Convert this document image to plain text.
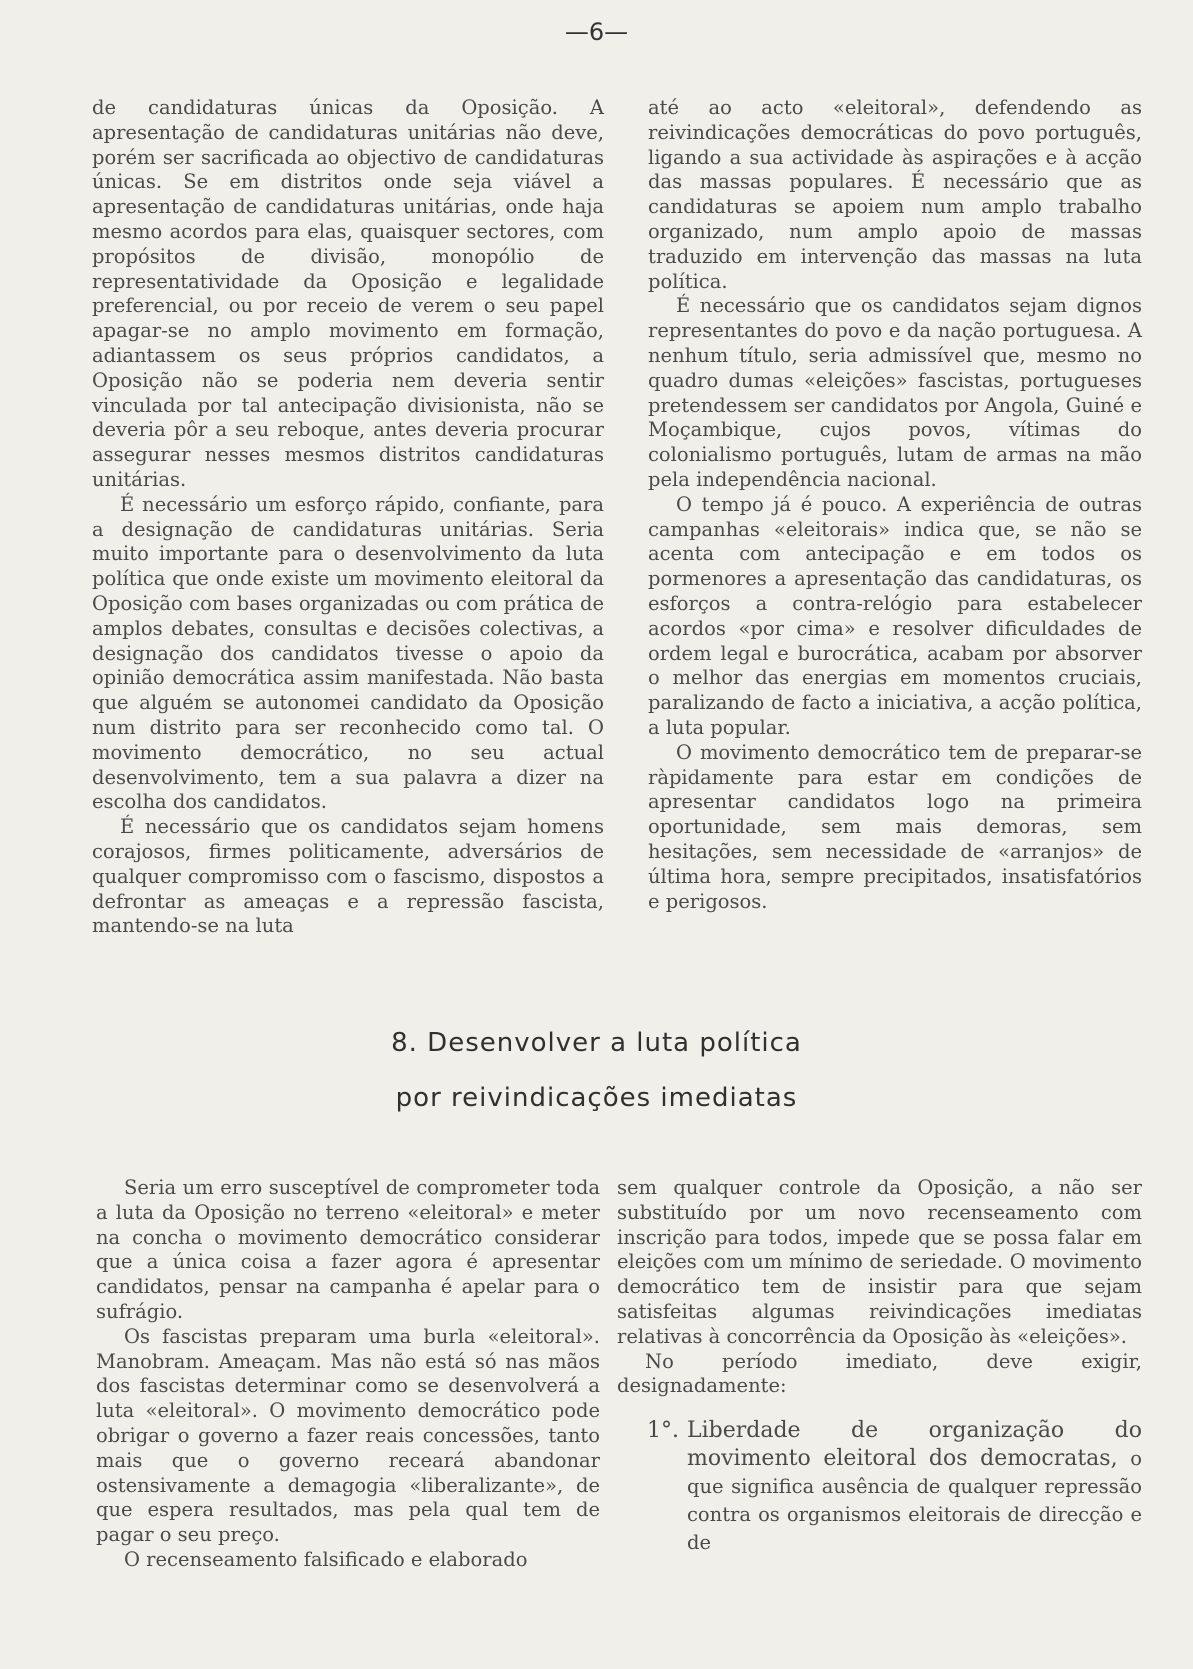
—6—

de candidaturas únicas da Oposição. A apresentação de candidaturas unitárias não deve, porém ser sacrificada ao objectivo de candidaturas únicas. Se em distritos onde seja viável a apresentação de candidaturas unitárias, onde haja mesmo acordos para elas, quaisquer sectores, com propósitos de divisão, monopólio de representatividade da Oposição e legalidade preferencial, ou por receio de verem o seu papel apagar-se no amplo movimento em formação, adiantassem os seus próprios candidatos, a Oposição não se poderia nem deveria sentir vinculada por tal antecipação divisionista, não se deveria pôr a seu reboque, antes deveria procurar assegurar nesses mesmos distritos candidaturas unitárias.

É necessário um esforço rápido, confiante, para a designação de candidaturas unitárias. Seria muito importante para o desenvolvimento da luta política que onde existe um movimento eleitoral da Oposição com bases organizadas ou com prática de amplos debates, consultas e decisões colectivas, a designação dos candidatos tivesse o apoio da opinião democrática assim manifestada. Não basta que alguém se autonomei candidato da Oposição num distrito para ser reconhecido como tal. O movimento democrático, no seu actual desenvolvimento, tem a sua palavra a dizer na escolha dos candidatos.

É necessário que os candidatos sejam homens corajosos, firmes politicamente, adversários de qualquer compromisso com o fascismo, dispostos a defrontar as ameaças e a repressão fascista, mantendo-se na luta

até ao acto «eleitoral», defendendo as reivindicações democráticas do povo português, ligando a sua actividade às aspirações e à acção das massas populares. É necessário que as candidaturas se apoiem num amplo trabalho organizado, num amplo apoio de massas traduzido em intervenção das massas na luta política.

É necessário que os candidatos sejam dignos representantes do povo e da nação portuguesa. A nenhum título, seria admissível que, mesmo no quadro dumas «eleições» fascistas, portugueses pretendessem ser candidatos por Angola, Guiné e Moçambique, cujos povos, vítimas do colonialismo português, lutam de armas na mão pela independência nacional.

O tempo já é pouco. A experiência de outras campanhas «eleitorais» indica que, se não se acenta com antecipação e em todos os pormenores a apresentação das candidaturas, os esforços a contra-relógio para estabelecer acordos «por cima» e resolver dificuldades de ordem legal e burocrática, acabam por absorver o melhor das energias em momentos cruciais, paralizando de facto a iniciativa, a acção política, a luta popular.

O movimento democrático tem de preparar-se ràpidamente para estar em condições de apresentar candidatos logo na primeira oportunidade, sem mais demoras, sem hesitações, sem necessidade de «arranjos» de última hora, sempre precipitados, insatisfatórios e perigosos.

8. Desenvolver a luta política
por reivindicações imediatas

Seria um erro susceptível de comprometer toda a luta da Oposição no terreno «eleitoral» e meter na concha o movimento democrático considerar que a única coisa a fazer agora é apresentar candidatos, pensar na campanha é apelar para o sufrágio.

Os fascistas preparam uma burla «eleitoral». Manobram. Ameaçam. Mas não está só nas mãos dos fascistas determinar como se desenvolverá a luta «eleitoral». O movimento democrático pode obrigar o governo a fazer reais concessões, tanto mais que o governo receará abandonar ostensivamente a demagogia «liberalizante», de que espera resultados, mas pela qual tem de pagar o seu preço.

O recenseamento falsificado e elaborado

sem qualquer controle da Oposição, a não ser substituído por um novo recenseamento com inscrição para todos, impede que se possa falar em eleições com um mínimo de seriedade. O movimento democrático tem de insistir para que sejam satisfeitas algumas reivindicações imediatas relativas à concorrência da Oposição às «eleições».

No período imediato, deve exigir, designadamente:

1°. Liberdade de organização do movimento eleitoral dos democratas, o que significa ausência de qualquer repressão contra os organismos eleitorais de direcção e de
